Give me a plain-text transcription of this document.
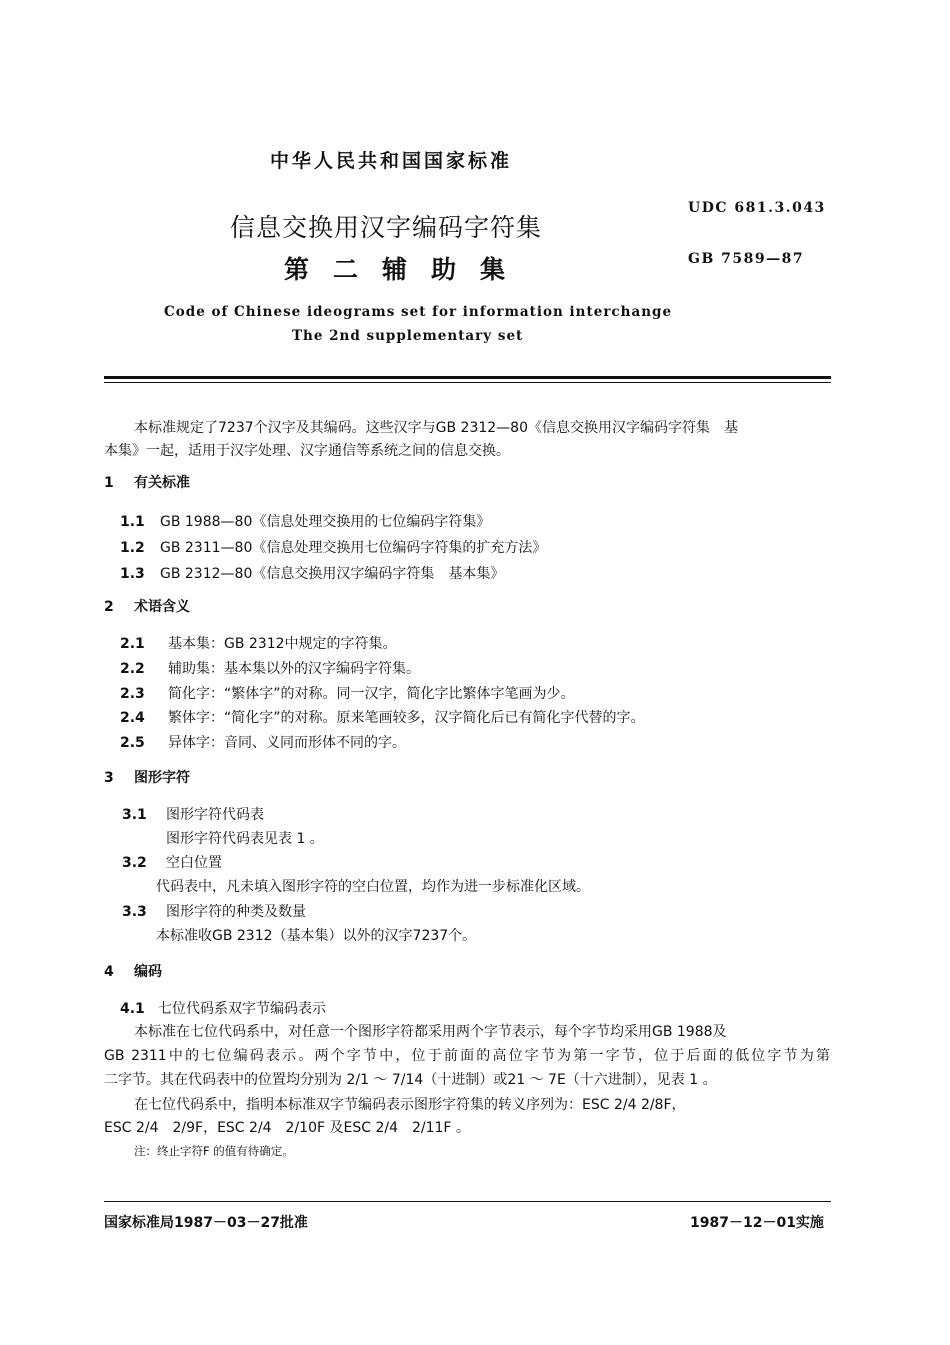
中华人民共和国国家标准
信息交换用汉字编码字符集
第二辅助集
UDC 681.3.043
GB 7589—87
Code of Chinese ideograms set for information interchange
The 2nd supplementary set
本标准规定了7237个汉字及其编码。这些汉字与GB 2312—80《信息交换用汉字编码字符集　基
本集》一起，适用于汉字处理、汉字通信等系统之间的信息交换。
1 有关标准
1.1 GB 1988—80《信息处理交换用的七位编码字符集》
1.2 GB 2311—80《信息处理交换用七位编码字符集的扩充方法》
1.3 GB 2312—80《信息交换用汉字编码字符集　基本集》
2 术语含义
2.1 基本集：GB 2312中规定的字符集。
2.2 辅助集：基本集以外的汉字编码字符集。
2.3 简化字：“繁体字”的对称。同一汉字，简化字比繁体字笔画为少。
2.4 繁体字：“简化字”的对称。原来笔画较多，汉字简化后已有简化字代替的字。
2.5 异体字：音同、义同而形体不同的字。
3 图形字符
3.1 图形字符代码表
图形字符代码表见表 1 。
3.2 空白位置
代码表中，凡未填入图形字符的空白位置，均作为进一步标准化区域。
3.3 图形字符的种类及数量
本标准收GB 2312（基本集）以外的汉字7237个。
4 编码
4.1 七位代码系双字节编码表示
本标准在七位代码系中，对任意一个图形字符都采用两个字节表示，每个字节均采用GB 1988及
GB 2311中的七位编码表示。两个字节中，位于前面的高位字节为第一字节，位于后面的低位字节为第
二字节。其在代码表中的位置均分别为 2/1 ～ 7/14（十进制）或21 ～ 7E（十六进制），见表 1 。
在七位代码系中，指明本标准双字节编码表示图形字符集的转义序列为：ESC 2/4 2/8F，
ESC 2/4　2/9F，ESC 2/4　2/10F 及ESC 2/4　2/11F 。
注：终止字符F 的值有待确定。
国家标准局1987－03－27批准	1987－12－01实施
